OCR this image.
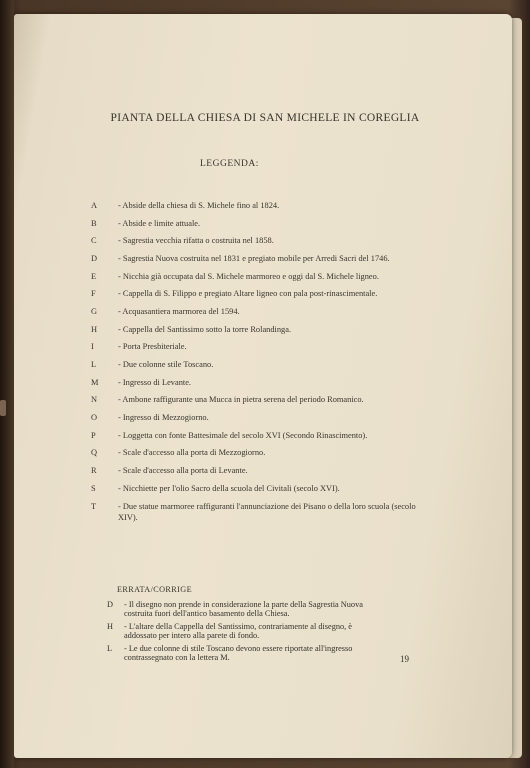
PIANTA DELLA CHIESA DI SAN MICHELE IN COREGLIA
LEGGENDA:
A	- Abside della chiesa di S. Michele fino al 1824.
B	- Abside e limite attuale.
C	- Sagrestia vecchia rifatta o costruita nel 1858.
D	- Sagrestia Nuova costruita nel 1831 e pregiato mobile per Arredi Sacri del 1746.
E	- Nicchia già occupata dal S. Michele marmoreo e oggi dal S. Michele ligneo.
F	- Cappella di S. Filippo e pregiato Altare ligneo con pala post-rinascimentale.
G	- Acquasantiera marmorea del 1594.
H	- Cappella del Santissimo sotto la torre Rolandinga.
I	- Porta Presbiteriale.
L	- Due colonne stile Toscano.
M	- Ingresso di Levante.
N	- Ambone raffigurante una Mucca in pietra serena del periodo Romanico.
O	- Ingresso di Mezzogiorno.
P	- Loggetta con fonte Battesimale del secolo XVI (Secondo Rinascimento).
Q	- Scale d'accesso alla porta di Mezzogiorno.
R	- Scale d'accesso alla porta di Levante.
S	- Nicchiette per l'olio Sacro della scuola del Civitali (secolo XVI).
T	- Due statue marmoree raffiguranti l'annunciazione dei Pisano o della loro scuola (secolo XIV).
ERRATA/CORRIGE
D	- Il disegno non prende in considerazione la parte della Sagrestia Nuova costruita fuori dell'antico basamento della Chiesa.
H	- L'altare della Cappella del Santissimo, contrariamente al disegno, è addossato per intero alla parete di fondo.
L	- Le due colonne di stile Toscano devono essere riportate all'ingresso contrassegnato con la lettera M.	19
